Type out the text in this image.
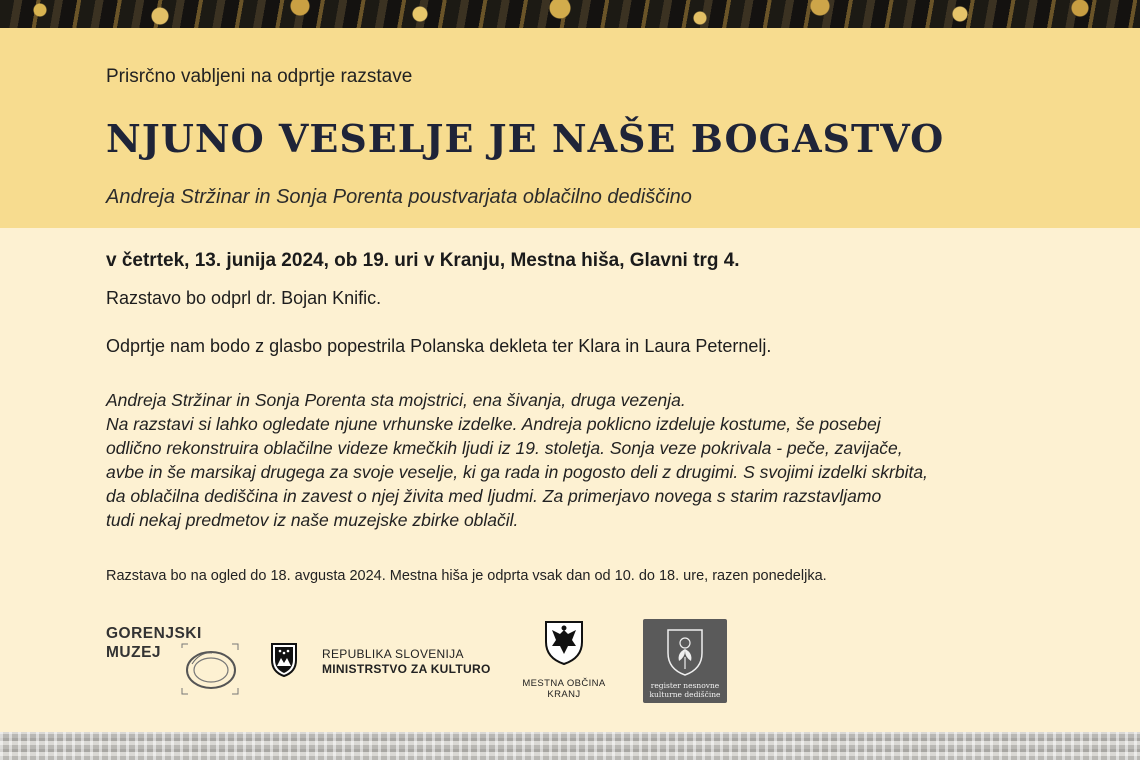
Prisrčno vabljeni na odprtje razstave

NJUNO VESELJE JE NAŠE BOGASTVO

Andreja Stržinar in Sonja Porenta poustvarjata oblačilno dediščino

v četrtek, 13. junija 2024, ob 19. uri v Kranju, Mestna hiša, Glavni trg 4.

Razstavo bo odprl dr. Bojan Knific.

Odprtje nam bodo z glasbo popestrila Polanska dekleta ter Klara in Laura Peternelj.

Andreja Stržinar in Sonja Porenta sta mojstrici, ena šivanja, druga vezenja.
Na razstavi si lahko ogledate njune vrhunske izdelke. Andreja poklicno izdeluje kostume, še posebej
odlično rekonstruira oblačilne videze kmečkih ljudi iz 19. stoletja. Sonja veze pokrivala - peče, zavijače,
avbe in še marsikaj drugega za svoje veselje, ki ga rada in pogosto deli z drugimi. S svojimi izdelki skrbita,
da oblačilna dediščina in zavest o njej živita med ljudmi. Za primerjavo novega s starim razstavljamo
tudi nekaj predmetov iz naše muzejske zbirke oblačil.

Razstava bo na ogled do 18. avgusta 2024. Mestna hiša je odprta vsak dan od 10. do 18. ure, razen ponedeljka.

GORENJSKI
MUZEJ	REPUBLIKA SLOVENIJA
MINISTRSTVO ZA KULTURO
MESTNA OBČINA
KRANJ
register nesnovne
kulturne dediščine
